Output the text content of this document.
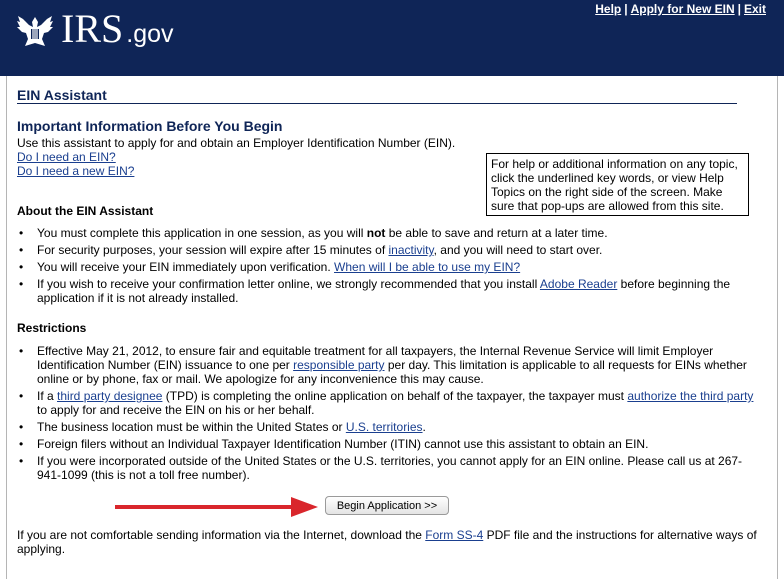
IRS .gov
Help | Apply for New EIN | Exit
EIN Assistant
Important Information Before You Begin
Use this assistant to apply for and obtain an Employer Identification Number (EIN).
Do I need an EIN?
Do I need a new EIN?	For help or additional information on any topic, click the underlined key words, or view Help Topics on the right side of the screen. Make sure that pop-ups are allowed from this site.
About the EIN Assistant
• You must complete this application in one session, as you will not be able to save and return at a later time.
• For security purposes, your session will expire after 15 minutes of inactivity, and you will need to start over.
• You will receive your EIN immediately upon verification. When will I be able to use my EIN?
• If you wish to receive your confirmation letter online, we strongly recommended that you install Adobe Reader before beginning the application if it is not already installed.
Restrictions
• Effective May 21, 2012, to ensure fair and equitable treatment for all taxpayers, the Internal Revenue Service will limit Employer Identification Number (EIN) issuance to one per responsible party per day. This limitation is applicable to all requests for EINs whether online or by phone, fax or mail. We apologize for any inconvenience this may cause.
• If a third party designee (TPD) is completing the online application on behalf of the taxpayer, the taxpayer must authorize the third party to apply for and receive the EIN on his or her behalf.
• The business location must be within the United States or U.S. territories.
• Foreign filers without an Individual Taxpayer Identification Number (ITIN) cannot use this assistant to obtain an EIN.
• If you were incorporated outside of the United States or the U.S. territories, you cannot apply for an EIN online. Please call us at 267-941-1099 (this is not a toll free number).
Begin Application >>
If you are not comfortable sending information via the Internet, download the Form SS-4 PDF file and the instructions for alternative ways of applying.
